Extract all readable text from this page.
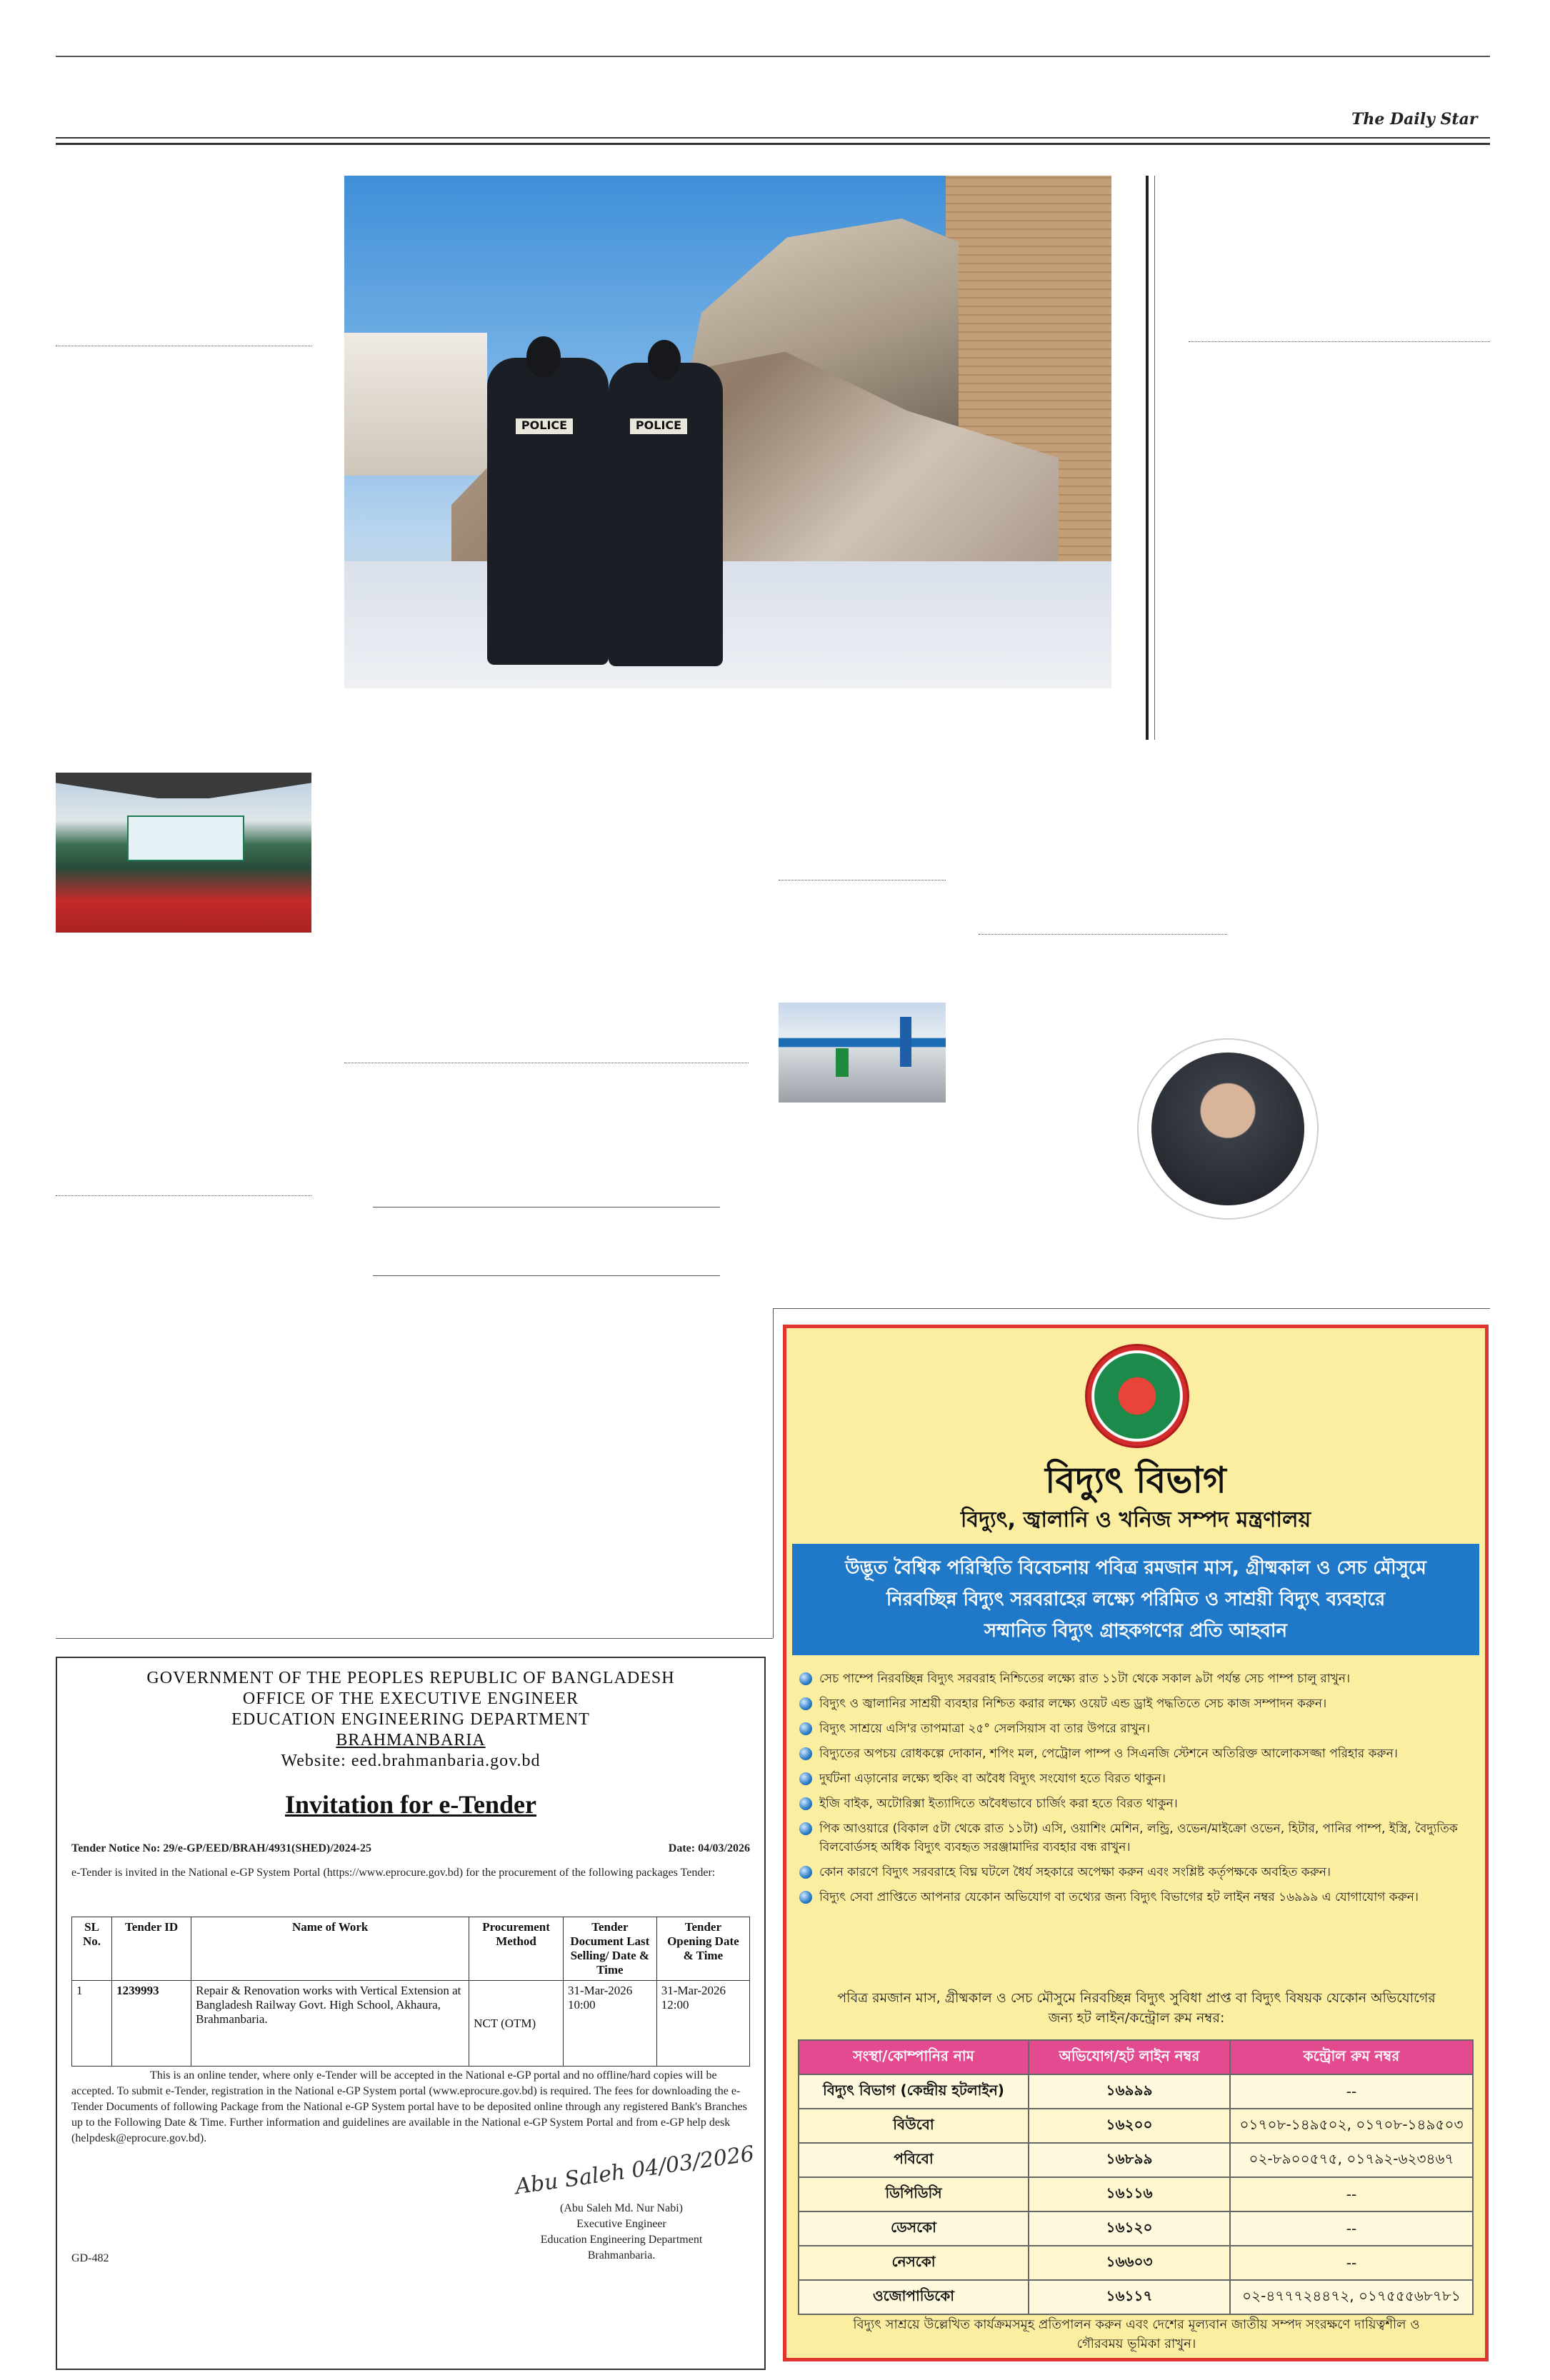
The Daily Star
POLICE	POLICE
GOVERNMENT OF THE PEOPLES REPUBLIC OF BANGLADESH
OFFICE OF THE EXECUTIVE ENGINEER
EDUCATION ENGINEERING DEPARTMENT
BRAHMANBARIA
Website: eed.brahmanbaria.gov.bd
Invitation for e-Tender
Tender Notice No: 29/e-GP/EED/BRAH/4931(SHED)/2024-25	Date: 04/03/2026
e-Tender is invited in the National e-GP System Portal (https://www.eprocure.gov.bd) for the procurement of the following packages Tender:
SL No.	Tender ID	Name of Work	Procurement Method	Tender Document Last Selling/ Date & Time	Tender Opening Date & Time
1	1239993	Repair & Renovation works with Vertical Extension at Bangladesh Railway Govt. High School, Akhaura, Brahmanbaria.	NCT (OTM)	31-Mar-2026 10:00	31-Mar-2026 12:00
This is an online tender, where only e-Tender will be accepted in the National e-GP portal and no offline/hard copies will be accepted. To submit e-Tender, registration in the National e-GP System portal (www.eprocure.gov.bd) is required. The fees for downloading the e-Tender Documents of following Package from the National e-GP System portal have to be deposited online through any registered Bank's Branches up to the Following Date & Time. Further information and guidelines are available in the National e-GP System Portal and from e-GP help desk (helpdesk@eprocure.gov.bd).
Abu Saleh 04/03/2026
(Abu Saleh Md. Nur Nabi)
Executive Engineer
Education Engineering Department
Brahmanbaria.
GD-482
বিদ্যুৎ বিভাগ
বিদ্যুৎ, জ্বালানি ও খনিজ সম্পদ মন্ত্রণালয়
উদ্ভূত বৈশ্বিক পরিস্থিতি বিবেচনায় পবিত্র রমজান মাস, গ্রীষ্মকাল ও সেচ মৌসুমে
নিরবচ্ছিন্ন বিদ্যুৎ সরবরাহের লক্ষ্যে পরিমিত ও সাশ্রয়ী বিদ্যুৎ ব্যবহারে
সম্মানিত বিদ্যুৎ গ্রাহকগণের প্রতি আহবান
সেচ পাম্পে নিরবচ্ছিন্ন বিদ্যুৎ সরবরাহ নিশ্চিতের লক্ষ্যে রাত ১১টা থেকে সকাল ৯টা পর্যন্ত সেচ পাম্প চালু রাখুন।
বিদ্যুৎ ও জ্বালানির সাশ্রয়ী ব্যবহার নিশ্চিত করার লক্ষ্যে ওয়েট এন্ড ড্রাই পদ্ধতিতে সেচ কাজ সম্পাদন করুন।
বিদ্যুৎ সাশ্রয়ে এসি'র তাপমাত্রা ২৫° সেলসিয়াস বা তার উপরে রাখুন।
বিদ্যুতের অপচয় রোধকল্পে দোকান, শপিং মল, পেট্রোল পাম্প ও সিএনজি স্টেশনে অতিরিক্ত আলোকসজ্জা পরিহার করুন।
দুর্ঘটনা এড়ানোর লক্ষ্যে হুকিং বা অবৈধ বিদ্যুৎ সংযোগ হতে বিরত থাকুন।
ইজি বাইক, অটোরিক্সা ইত্যাদিতে অবৈধভাবে চার্জিং করা হতে বিরত থাকুন।
পিক আওয়ারে (বিকাল ৫টা থেকে রাত ১১টা) এসি, ওয়াশিং মেশিন, লন্ড্রি, ওভেন/মাইক্রো ওভেন, হিটার, পানির পাম্প, ইস্ত্রি, বৈদ্যুতিক বিলবোর্ডসহ অধিক বিদ্যুৎ ব্যবহৃত সরঞ্জামাদির ব্যবহার বন্ধ রাখুন।
কোন কারণে বিদ্যুৎ সরবরাহে বিঘ্ন ঘটলে ধৈর্য সহকারে অপেক্ষা করুন এবং সংশ্লিষ্ট কর্তৃপক্ষকে অবহিত করুন।
বিদ্যুৎ সেবা প্রাপ্তিতে আপনার যেকোন অভিযোগ বা তথ্যের জন্য বিদ্যুৎ বিভাগের হট লাইন নম্বর ১৬৯৯৯ এ যোগাযোগ করুন।
পবিত্র রমজান মাস, গ্রীষ্মকাল ও সেচ মৌসুমে নিরবচ্ছিন্ন বিদ্যুৎ সুবিধা প্রাপ্ত বা বিদ্যুৎ বিষয়ক যেকোন অভিযোগের জন্য হট লাইন/কন্ট্রোল রুম নম্বর:
সংস্থা/কোম্পানির নাম	অভিযোগ/হট লাইন নম্বর	কন্ট্রোল রুম নম্বর
বিদ্যুৎ বিভাগ (কেন্দ্রীয় হটলাইন)	১৬৯৯৯	--
বিউবো	১৬২০০	০১৭০৮-১৪৯৫০২, ০১৭০৮-১৪৯৫০৩
পবিবো	১৬৮৯৯	০২-৮৯০০৫৭৫, ০১৭৯২-৬২৩৪৬৭
ডিপিডিসি	১৬১১৬	--
ডেসকো	১৬১২০	--
নেসকো	১৬৬০৩	--
ওজোপাডিকো	১৬১১৭	০২-৪৭৭৭২৪৪৭২, ০১৭৫৫৫৬৮৭৮১
বিদ্যুৎ সাশ্রয়ে উল্লেখিত কার্যক্রমসমূহ প্রতিপালন করুন এবং দেশের মূল্যবান জাতীয় সম্পদ সংরক্ষণে দায়িত্বশীল ও গৌরবময় ভূমিকা রাখুন।
